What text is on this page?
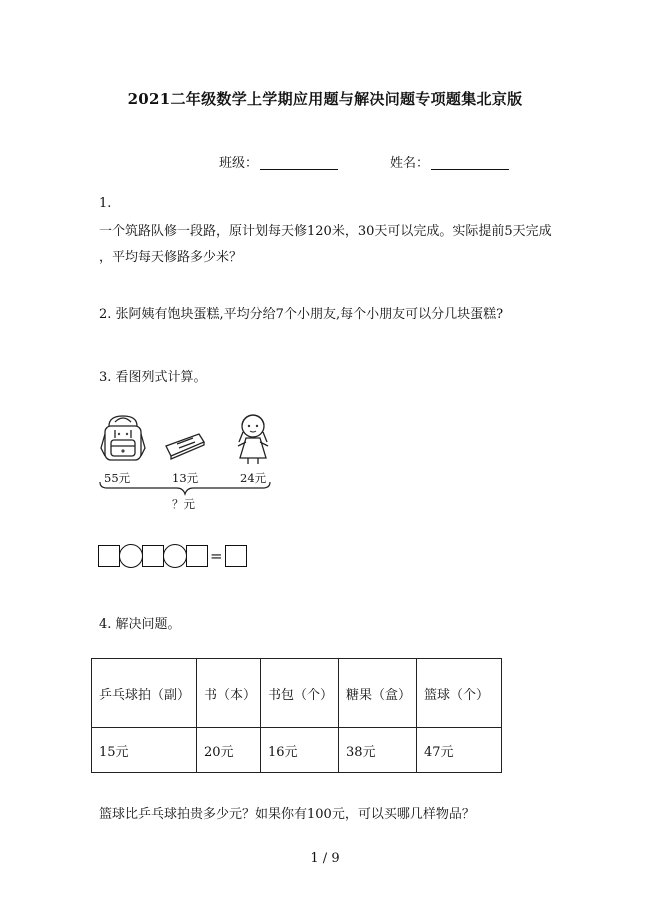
2021二年级数学上学期应用题与解决问题专项题集北京版
班级：	姓名：
1.
一个筑路队修一段路，原计划每天修120米，30天可以完成。实际提前5天完成
，平均每天修路多少米？
2. 张阿姨有饱块蛋糕,平均分给7个小朋友,每个小朋友可以分几块蛋糕?
3. 看图列式计算。
55元	13元	24元
？元
=
4. 解决问题。
乒乓球拍（副）	书（本）	书包（个）	糖果（盒）	篮球（个）
15元	20元	16元	38元	47元
篮球比乒乓球拍贵多少元？如果你有100元，可以买哪几样物品？
1 / 9
